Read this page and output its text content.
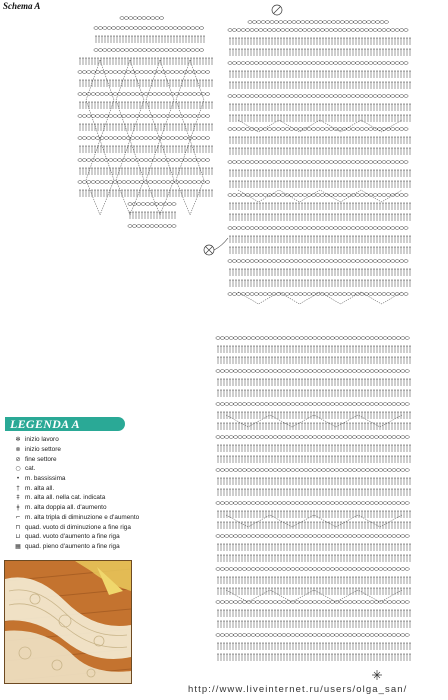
Schema A
LEGENDA A
✻ inizio lavoro
⊗ inizio settore
⊘ fine settore
○ cat.
• m. bassissima
† m. alta all.
‡ m. alta all. nella cat. indicata
ǂ m. alta doppia all. d'aumento
⌐ m. alta tripla di diminuzione e d'aumento
⊓ quad. vuoto di diminuzione a fine riga
⊔ quad. vuoto d'aumento a fine riga
▦ quad. pieno d'aumento a fine riga
http://www.liveinternet.ru/users/olga_san/
